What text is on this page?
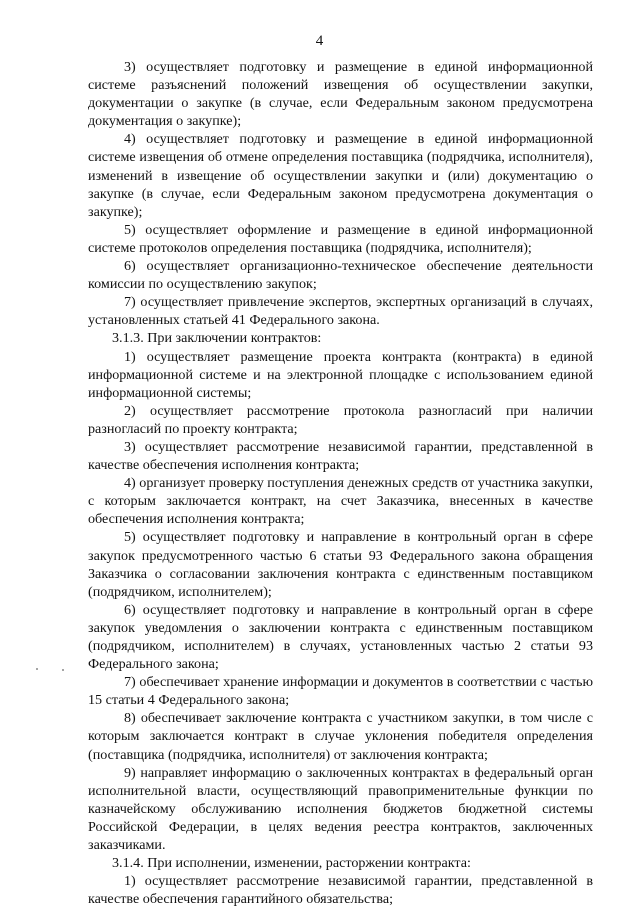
4

3) осуществляет подготовку и размещение в единой информационной системе разъяснений положений извещения об осуществлении закупки, документации о закупке (в случае, если Федеральным законом предусмотрена документация о закупке);

4) осуществляет подготовку и размещение в единой информационной системе извещения об отмене определения поставщика (подрядчика, исполнителя), изменений в извещение об осуществлении закупки и (или) документацию о закупке (в случае, если Федеральным законом предусмотрена документация о закупке);

5) осуществляет оформление и размещение в единой информационной системе протоколов определения поставщика (подрядчика, исполнителя);

6) осуществляет организационно-техническое обеспечение деятельности комиссии по осуществлению закупок;

7) осуществляет привлечение экспертов, экспертных организаций в случаях, установленных статьей 41 Федерального закона.

3.1.3. При заключении контрактов:

1) осуществляет размещение проекта контракта (контракта) в единой информационной системе и на электронной площадке с использованием единой информационной системы;

2) осуществляет рассмотрение протокола разногласий при наличии разногласий по проекту контракта;

3) осуществляет рассмотрение независимой гарантии, представленной в качестве обеспечения исполнения контракта;

4) организует проверку поступления денежных средств от участника закупки, с которым заключается контракт, на счет Заказчика, внесенных в качестве обеспечения исполнения контракта;

5) осуществляет подготовку и направление в контрольный орган в сфере закупок предусмотренного частью 6 статьи 93 Федерального закона обращения Заказчика о согласовании заключения контракта с единственным поставщиком (подрядчиком, исполнителем);

6) осуществляет подготовку и направление в контрольный орган в сфере закупок уведомления о заключении контракта с единственным поставщиком (подрядчиком, исполнителем) в случаях, установленных частью 2 статьи 93 Федерального закона;

7) обеспечивает хранение информации и документов в соответствии с частью 15 статьи 4 Федерального закона;

8) обеспечивает заключение контракта с участником закупки, в том числе с которым заключается контракт в случае уклонения победителя определения (поставщика (подрядчика, исполнителя) от заключения контракта;

9) направляет информацию о заключенных контрактах в федеральный орган исполнительной власти, осуществляющий правоприменительные функции по казначейскому обслуживанию исполнения бюджетов бюджетной системы Российской Федерации, в целях ведения реестра контрактов, заключенных заказчиками.

3.1.4. При исполнении, изменении, расторжении контракта:

1) осуществляет рассмотрение независимой гарантии, представленной в качестве обеспечения гарантийного обязательства;
